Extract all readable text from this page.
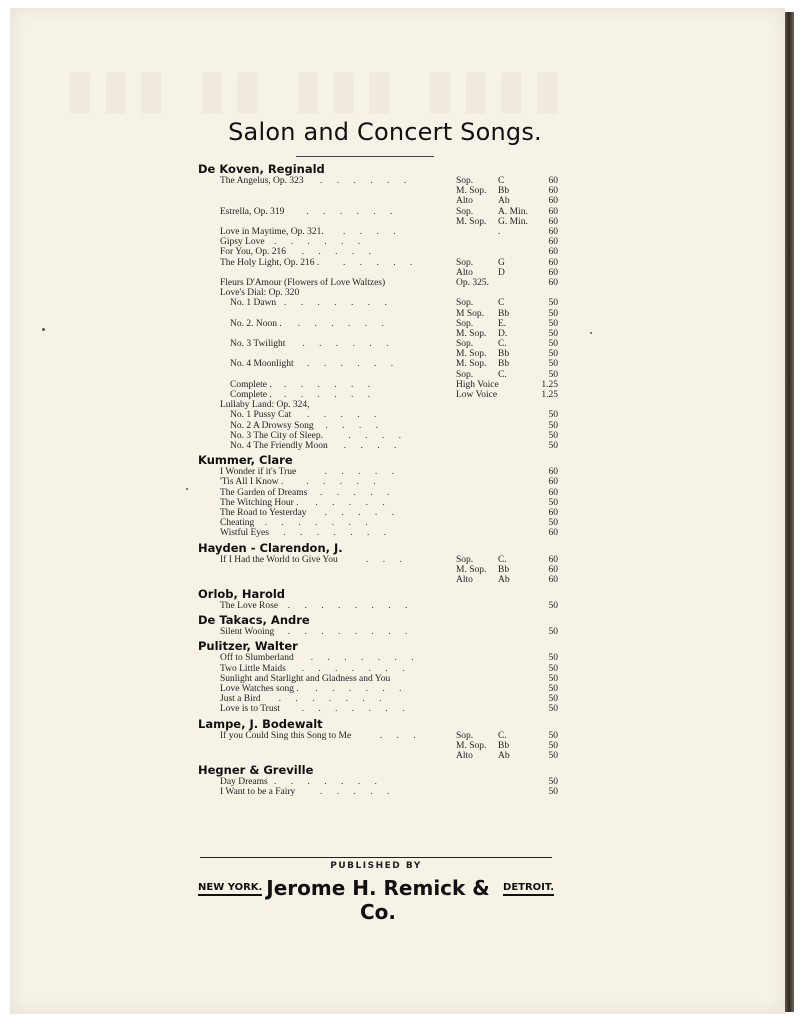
▮▮▮ ▮▮ ▮▮▮ ▮▮▮▮
Salon and Concert Songs.
De Koven, Reginald
The Angelus, Op. 323 . . . . . .	Sop.	C	60
M. Sop. Bb	60
Alto	Ab	60
Estrella, Op. 319 . . . . . .	Sop.	A. Min.	60
M. Sop. G. Min.	60
Love in Maytime, Op. 321. . . . .	.	60
Gipsy Love . . . . . .	60
For You, Op. 216 . . . . .	60
The Holy Light, Op. 216 .	. . . . .	Sop.	G	60
Alto	D	60
Fleurs D'Amour (Flowers of Love Waltzes)	Op. 325.	60
Love's Dial: Op. 320
No. 1 Dawn . . . . . . .	Sop.	C	50
M Sop. Bb	50
No. 2. Noon . . . . . . .	Sop.	E.	50
M. Sop. D.	50
No. 3 Twilight . . . . . .	Sop.	C.	50
M. Sop. Bb	50
No. 4 Moonlight . . . . . .	M. Sop. Bb	50
Sop.	C.	50
Complete . . . . . . .	High Voice	1.25
Complete . . . . . . .	Low Voice	1.25
Lullaby Land: Op. 324,
No. 1 Pussy Cat . . . . .	50
No. 2 A Drowsy Song . . . .	50
No. 3 The City of Sleep.	. . . .	50
No. 4 The Friendly Moon . . . .	50
Kummer, Clare
I Wonder if it's True	. . . . .	60
'Tis All I Know . . . . . .	60
The Garden of Dreams . . . . .	60
The Witching Hour . . . . . .	50
The Road to Yesterday . . . . .	60
Cheating . . . . . . .	50
Wistful Eyes . . . . . . .	60
Hayden - Clarendon, J.
If I Had the World to Give You	. . .	Sop.	C.	60
M. Sop. Bb	60
Alto	Ab	60
Orlob, Harold
The Love Rose . . . . . . . .	50
De Takacs, Andre
Silent Wooing . . . . . . . .	50
Pulitzer, Walter
Off to Slumberland . . . . . . .	50
Two Little Maids . . . . . . .	50
Sunlight and Starlight and Gladness and You	50
Love Watches song . . . . . . .	50
Just a Bird . . . . . . .	50
Love is to Trust . . . . . . .	50
Lampe, J. Bodewalt
If you Could Sing this Song to Me	. . .	Sop.	C.	50
M. Sop. Bb	50
Alto	Ab	50
Hegner & Greville
Day Dreams . . . . . . .	50
I Want to be a Fairy	. . . . .	50
PUBLISHED BY
NEW YORK. Jerome H. Remick & Co.
DETROIT.
